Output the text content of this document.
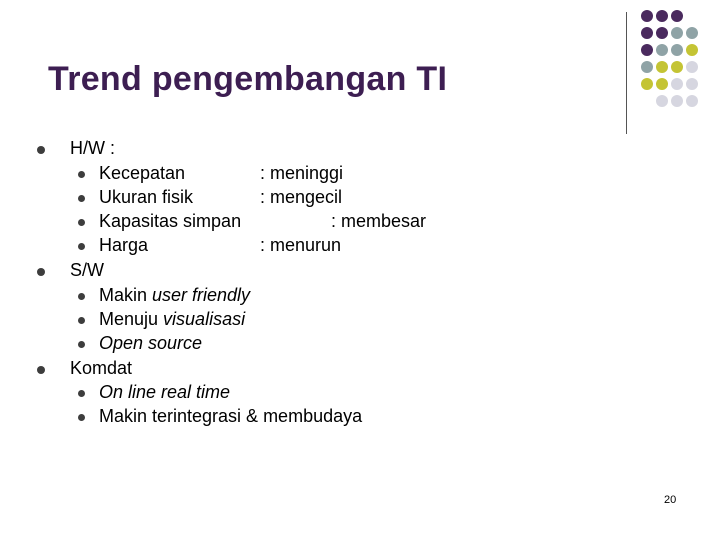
Trend pengembangan TI
H/W :
Kecepatan	: meninggi
Ukuran fisik	: mengecil
Kapasitas simpan	: membesar
Harga	: menurun
S/W
Makin user friendly
Menuju visualisasi
Open source
Komdat
On line real time
Makin terintegrasi & membudaya
20
